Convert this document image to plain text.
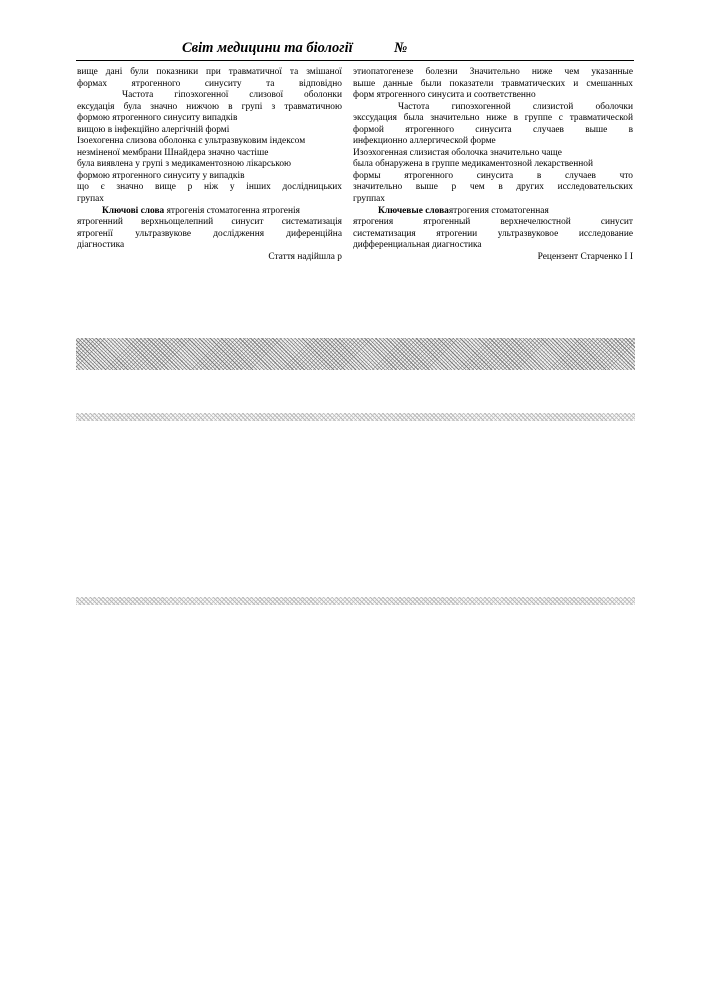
Світ медицини та біології	№
вище дані були показники при травматичної та змішаної
формах ятрогенного синуситу та відповідно
Частота гіпоэхогенної слизової оболонки
ексудація була значно нижчою в групі з травматичною
формою ятрогенного синуситу випадків
вищою в інфекційно алергічній формі
Ізоехогенна слизова оболонка є ультразвуковим індексом
незміненої мембрани Шнайдера значно частіше
була виявлена у групі з медикаментозною лікарською
формою ятрогенного синуситу у випадків
що є значно вище р ніж у інших дослідницьких
групах
Ключові слова ятрогенія стоматогенна ятрогенія
ятрогенний верхньощелепний синусит систематизація
ятрогенії ультразвукове дослідження диференційна
діагностика
Стаття надійшла р
этиопатогенезе болезни Значительно ниже чем указанные
выше данные были показатели травматических и смешанных
форм ятрогенного синусита и соответственно
Частота гипоэхогенной слизистой оболочки
экссудация была значительно ниже в группе с травматической
формой ятрогенного синусита случаев выше в
инфекционно аллергической форме
Изоэхогенная слизистая оболочка значительно чаще
была обнаружена в группе медикаментозной лекарственной
формы ятрогенного синусита в случаев что
значительно выше р чем в других исследовательских
группах
Ключевые словаятрогения стоматогенная
ятрогения ятрогенный верхнечелюстной синусит
систематизация ятрогении ультразвуковое исследование
дифференциальная диагностика
Рецензент Старченко І І
